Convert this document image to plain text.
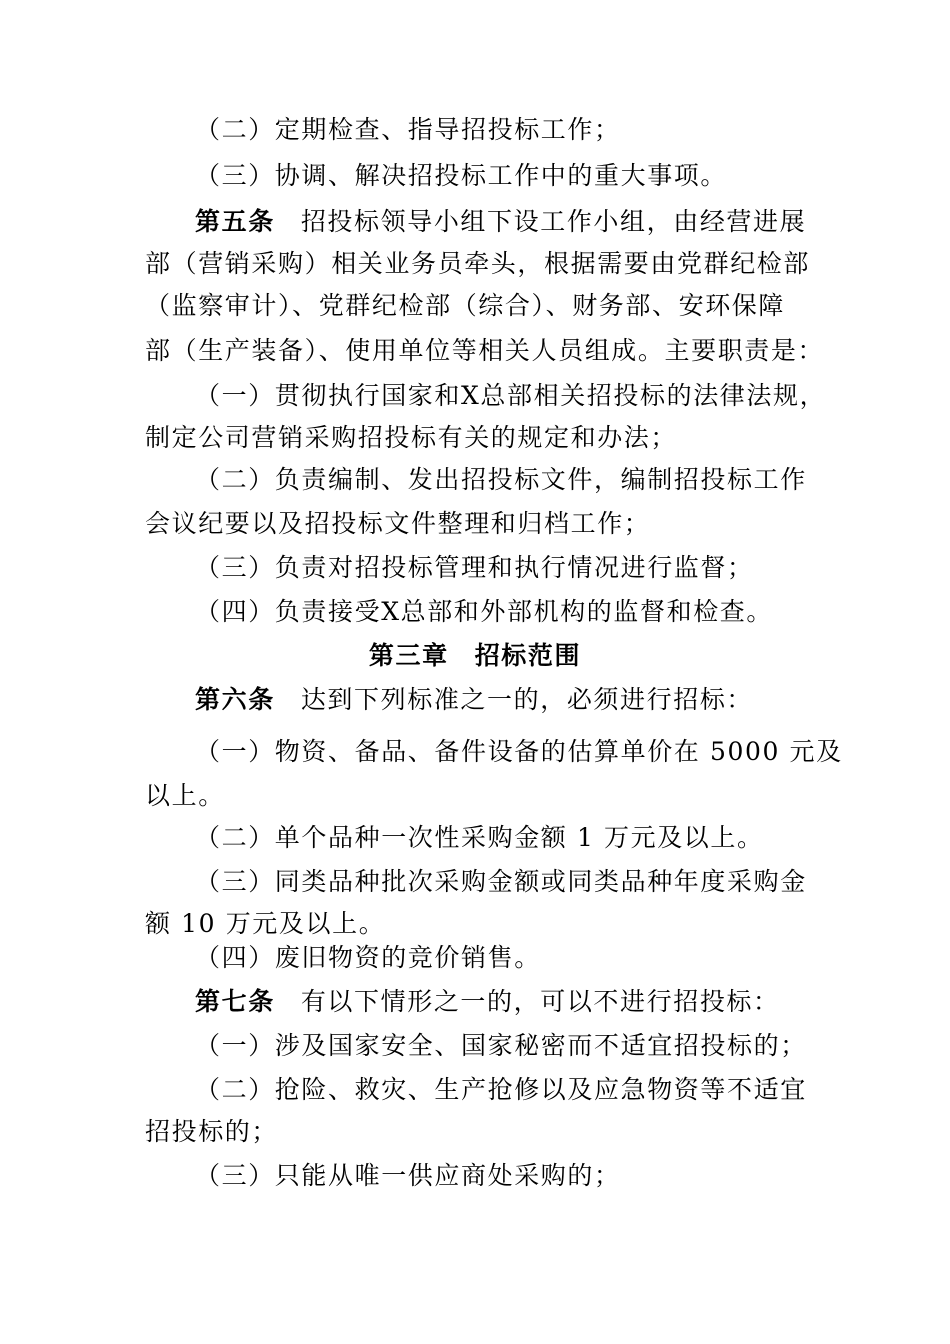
（二）定期检查、指导招投标工作；
（三）协调、解决招投标工作中的重大事项。
第五条 招投标领导小组下设工作小组，由经营进展
部（营销采购）相关业务员牵头，根据需要由党群纪检部
（监察审计）、党群纪检部（综合）、财务部、安环保障
部（生产装备）、使用单位等相关人员组成。主要职责是：
（一）贯彻执行国家和Ⅹ总部相关招投标的法律法规，
制定公司营销采购招投标有关的规定和办法；
（二）负责编制、发出招投标文件，编制招投标工作
会议纪要以及招投标文件整理和归档工作；
（三）负责对招投标管理和执行情况进行监督；
（四）负责接受Ⅹ总部和外部机构的监督和检查。
第三章 招标范围
第六条 达到下列标准之一的，必须进行招标：
（一）物资、备品、备件设备的估算单价在 5000 元及
以上。
（二）单个品种一次性采购金额 1 万元及以上。
（三）同类品种批次采购金额或同类品种年度采购金
额 10 万元及以上。
（四）废旧物资的竞价销售。
第七条 有以下情形之一的，可以不进行招投标：
（一）涉及国家安全、国家秘密而不适宜招投标的；
（二）抢险、救灾、生产抢修以及应急物资等不适宜
招投标的；
（三）只能从唯一供应商处采购的；
